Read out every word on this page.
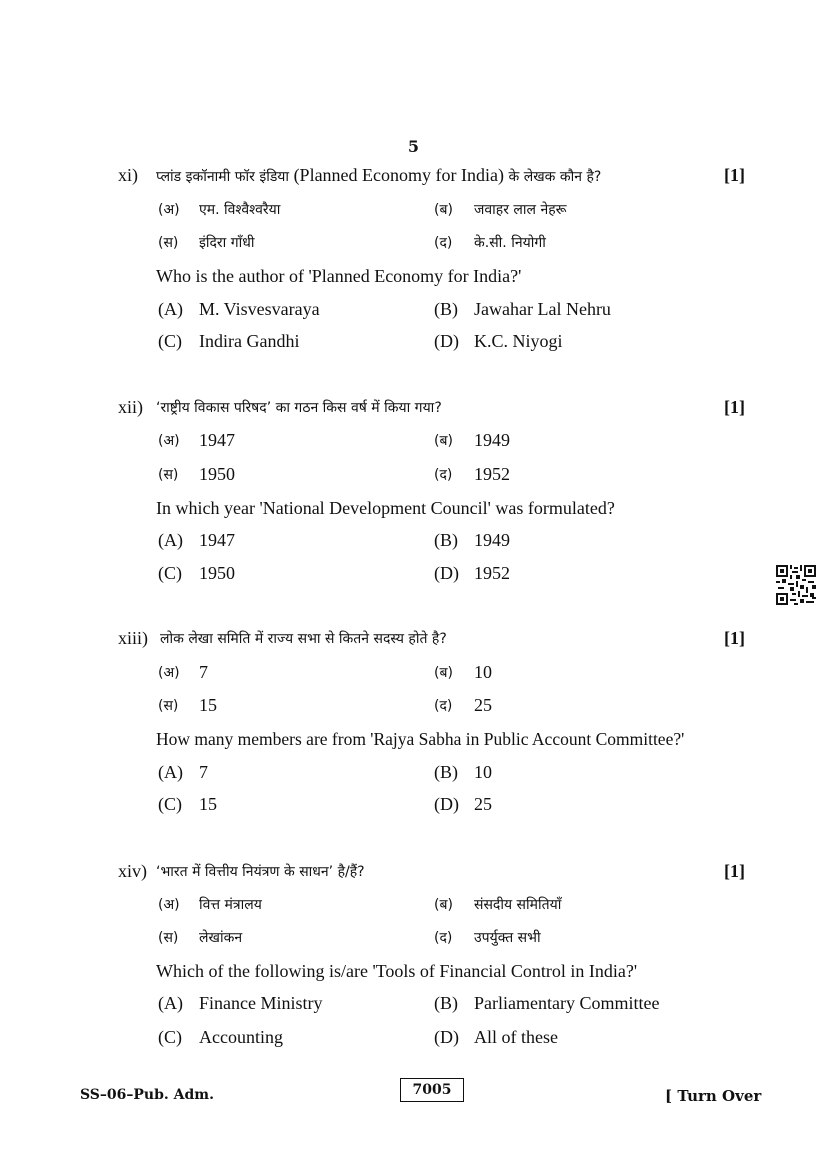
5
xi) प्लांड इकॉनामी फॉर इंडिया (Planned Economy for India) के लेखक कौन है?	[1]
(अ) एम. विश्वैश्वरैया	(ब) जवाहर लाल नेहरू
(स) इंदिरा गाँधी	(द) के.सी. नियोगी
Who is the author of 'Planned Economy for India?'
(A) M. Visvesvaraya	(B) Jawahar Lal Nehru
(C) Indira Gandhi	(D) K.C. Niyogi
xii) ‘राष्ट्रीय विकास परिषद’ का गठन किस वर्ष में किया गया?	[1]
(अ) 1947	(ब) 1949
(स) 1950	(द) 1952
In which year 'National Development Council' was formulated?
(A) 1947	(B) 1949
(C) 1950	(D) 1952
xiii) लोक लेखा समिति में राज्य सभा से कितने सदस्य होते है?	[1]
(अ) 7	(ब) 10
(स) 15	(द) 25
How many members are from 'Rajya Sabha in Public Account Committee?'
(A) 7	(B) 10
(C) 15	(D) 25
xiv) ‘भारत में वित्तीय नियंत्रण के साधन’ है/हैं?	[1]
(अ) वित्त मंत्रालय	(ब) संसदीय समितियाँ
(स) लेखांकन	(द) उपर्युक्त सभी
Which of the following is/are 'Tools of Financial Control in India?'
(A) Finance Ministry	(B) Parliamentary Committee
(C) Accounting	(D) All of these
SS–06–Pub. Adm.	7005	[ Turn Over
